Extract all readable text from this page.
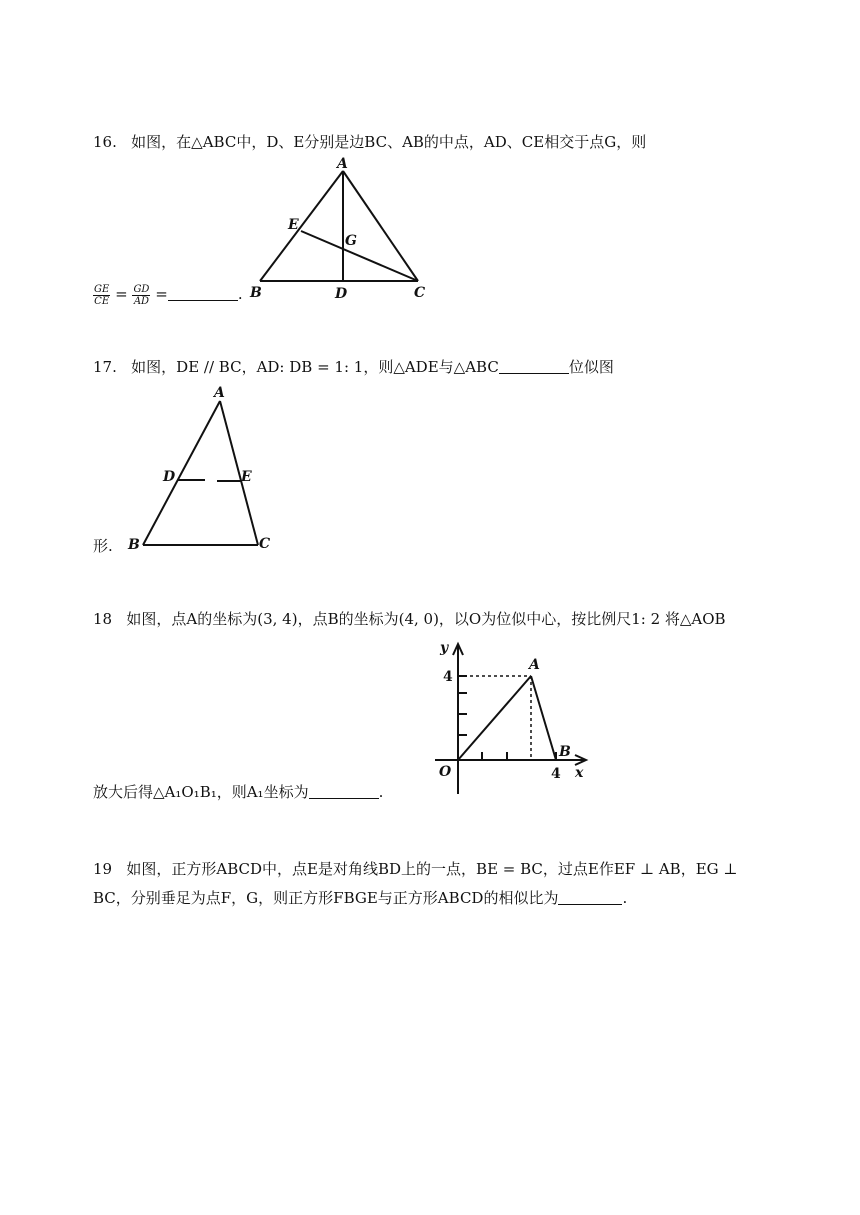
16. 如图，在△ABC中，D、E分别是边BC、AB的中点，AD、CE相交于点G，则
A
E
G
B	D	C
$\frac{GE}{CE} = \frac{GD}{AD}$ =	.
17. 如图，DE // BC，AD: DB = 1: 1，则△ADE与△ABC	位似图
A
D	E
B	C
形.
18 如图，点A的坐标为(3, 4)，点B的坐标为(4, 0)，以O为位似中心，按比例尺1: 2 将△AOB
y
4
A
B
O	4 x
放大后得△A₁O₁B₁，则A₁坐标为	.
19 如图，正方形ABCD中，点E是对角线BD上的一点，BE = BC，过点E作EF ⊥ AB，EG ⊥
BC，分别垂足为点F，G，则正方形FBGE与正方形ABCD的相似比为	.
